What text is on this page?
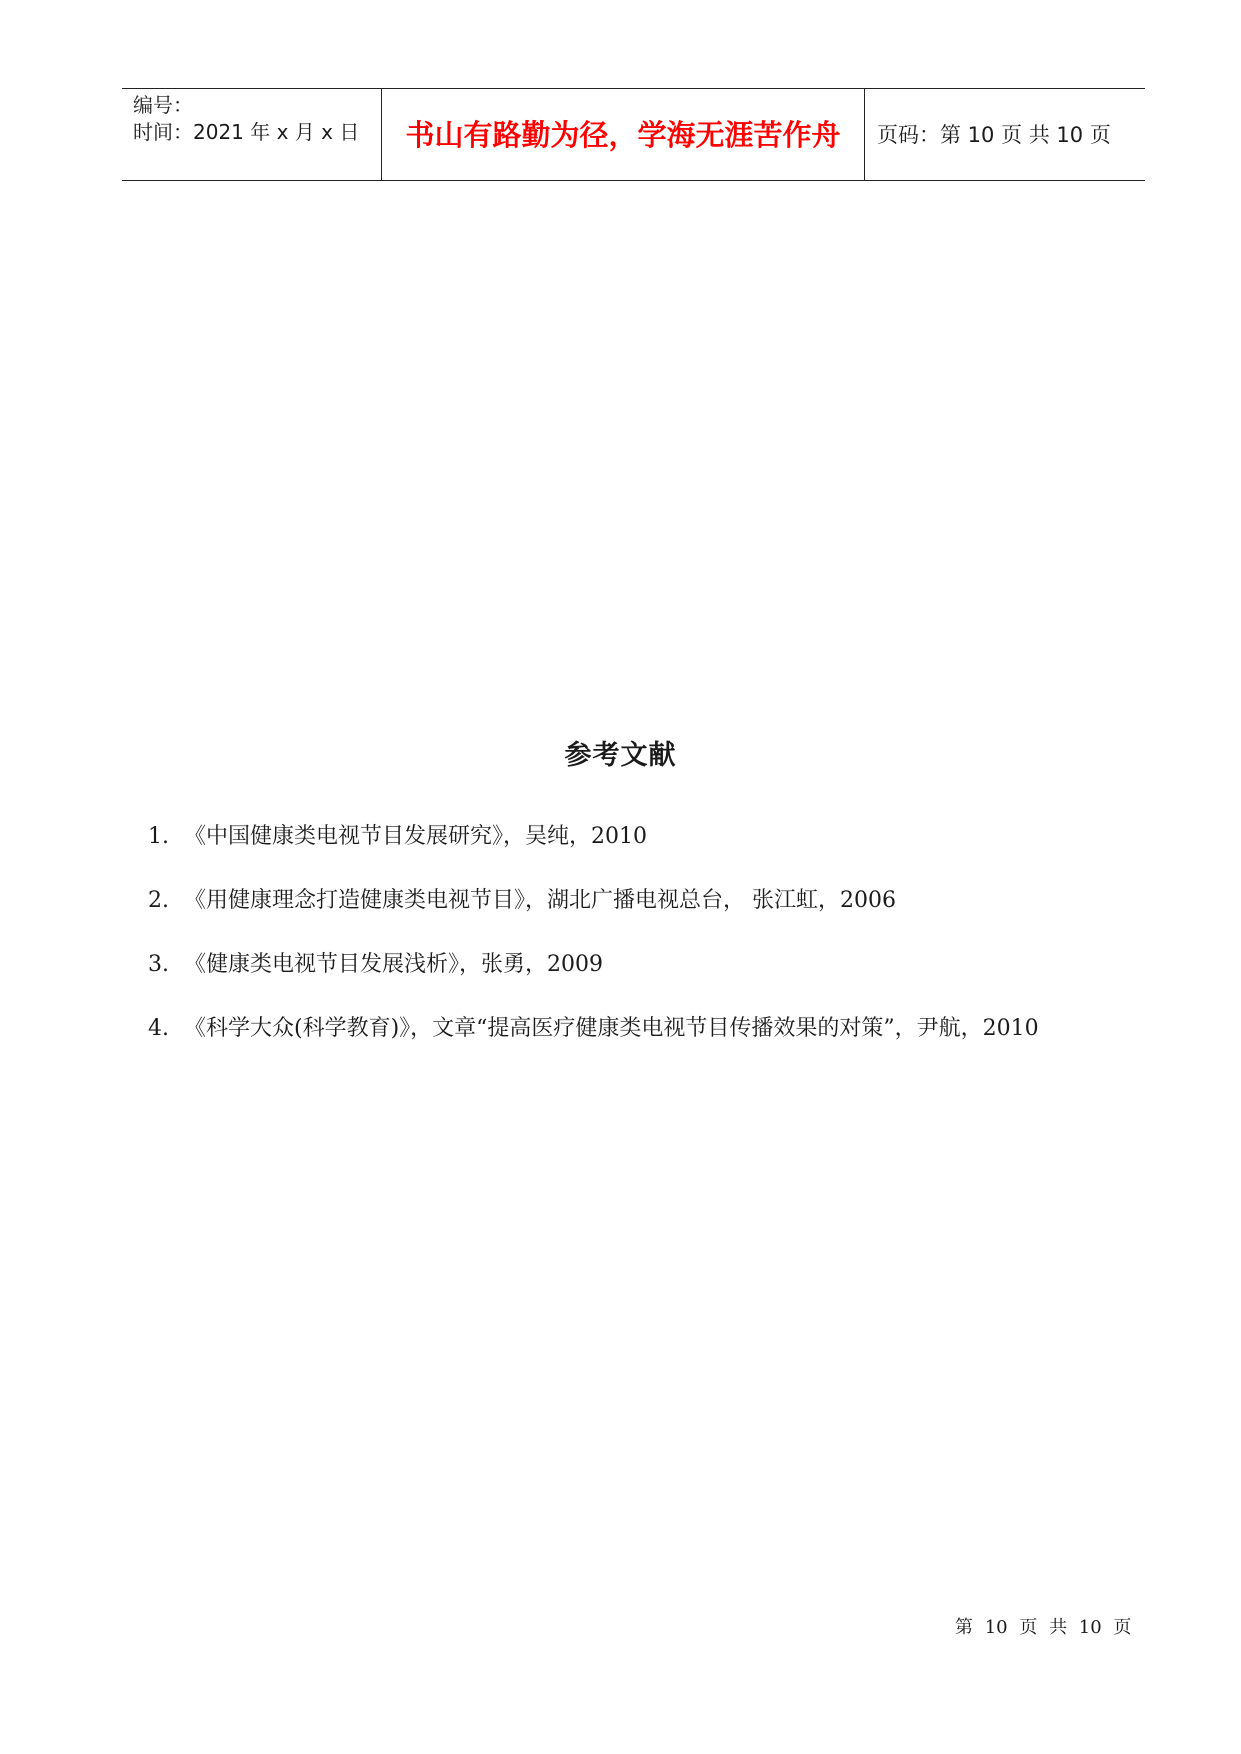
编号：
时间：2021 年 x 月 x 日	书山有路勤为径，学海无涯苦作舟	页码：第 10 页 共 10 页
参考文献
1. 《中国健康类电视节目发展研究》，吴纯，2010
2. 《用健康理念打造健康类电视节目》，湖北广播电视总台， 张江虹，2006
3. 《健康类电视节目发展浅析》，张勇，2009
4. 《科学大众(科学教育)》，文章“提高医疗健康类电视节目传播效果的对策”，尹航，2010
第 10 页 共 10 页
